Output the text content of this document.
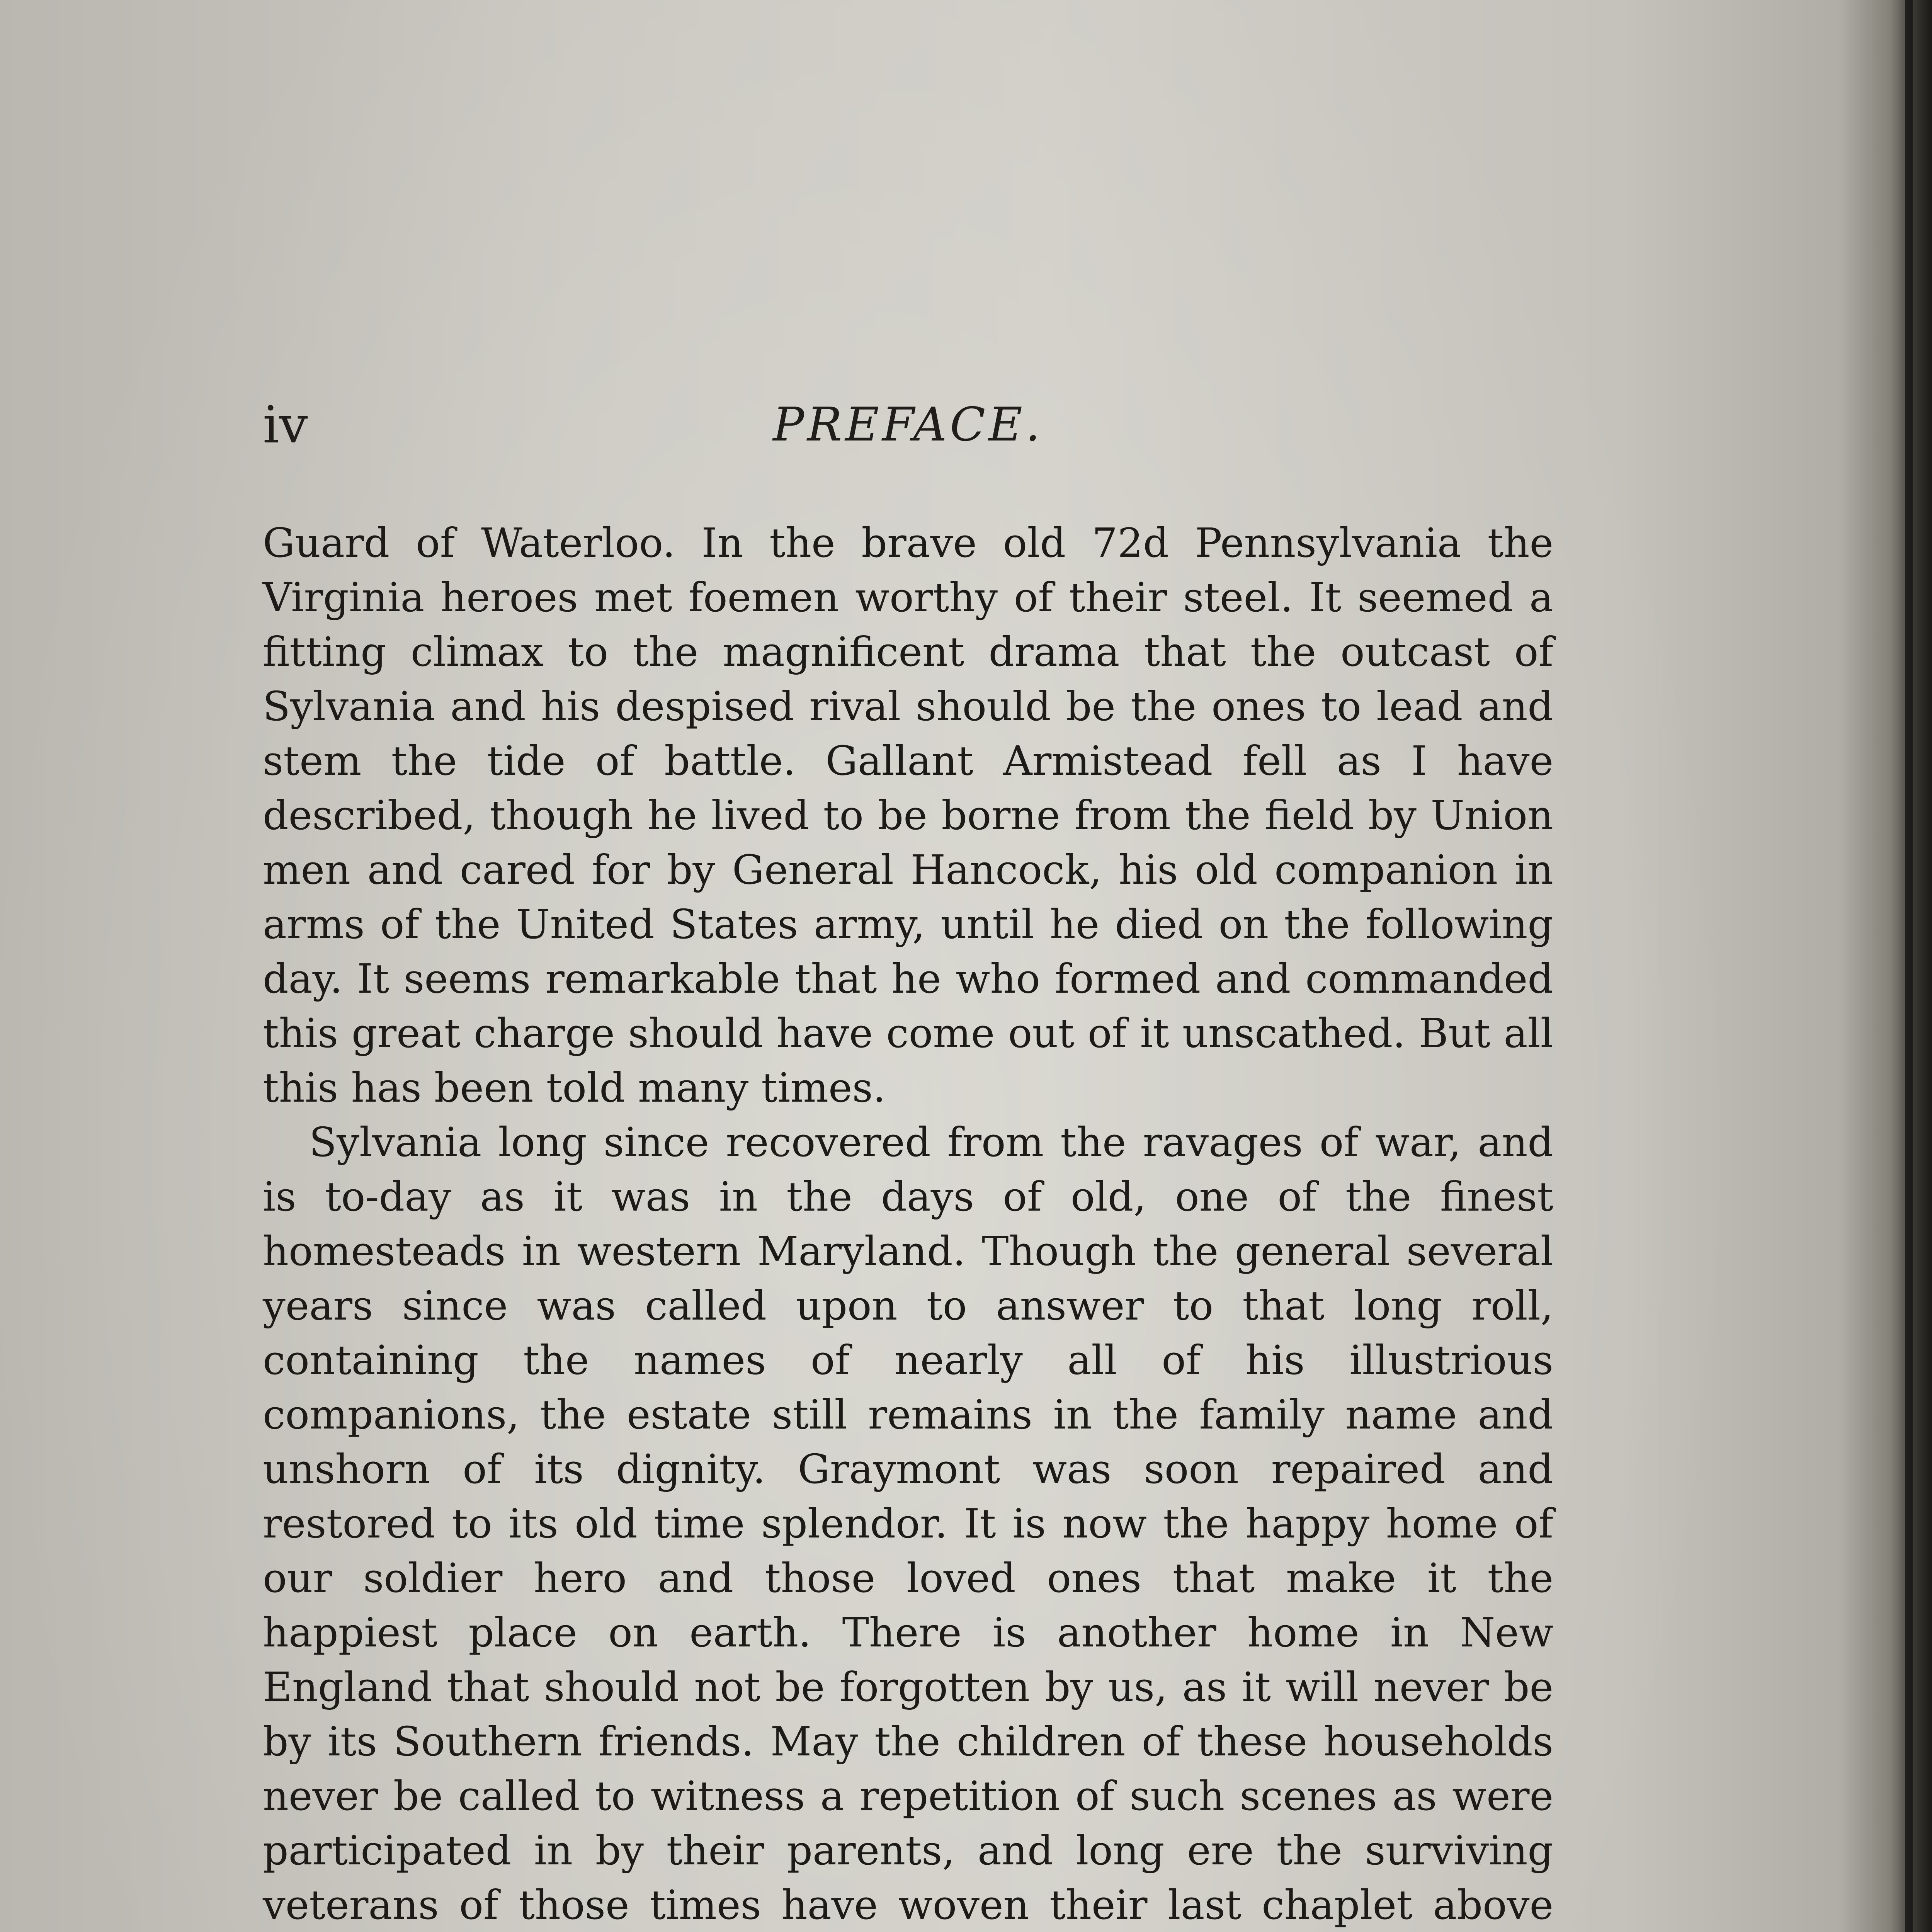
iv	PREFACE.

Guard of Waterloo. In the brave old 72d Pennsylvania the Virginia heroes met foemen worthy of their steel. It seemed a fitting climax to the magnificent drama that the outcast of Sylvania and his despised rival should be the ones to lead and stem the tide of battle. Gallant Armistead fell as I have described, though he lived to be borne from the field by Union men and cared for by General Hancock, his old companion in arms of the United States army, until he died on the following day. It seems remarkable that he who formed and commanded this great charge should have come out of it unscathed. But all this has been told many times.

Sylvania long since recovered from the ravages of war, and is to-day as it was in the days of old, one of the finest homesteads in western Maryland. Though the general several years since was called upon to answer to that long roll, containing the names of nearly all of his illustrious companions, the estate still remains in the family name and unshorn of its dignity. Graymont was soon repaired and restored to its old time splendor. It is now the happy home of our soldier hero and those loved ones that make it the happiest place on earth. There is another home in New England that should not be forgotten by us, as it will never be by its Southern friends. May the children of these households never be called to witness a repetition of such scenes as were participated in by their parents, and long ere the surviving veterans of those times have woven their last chaplet above
